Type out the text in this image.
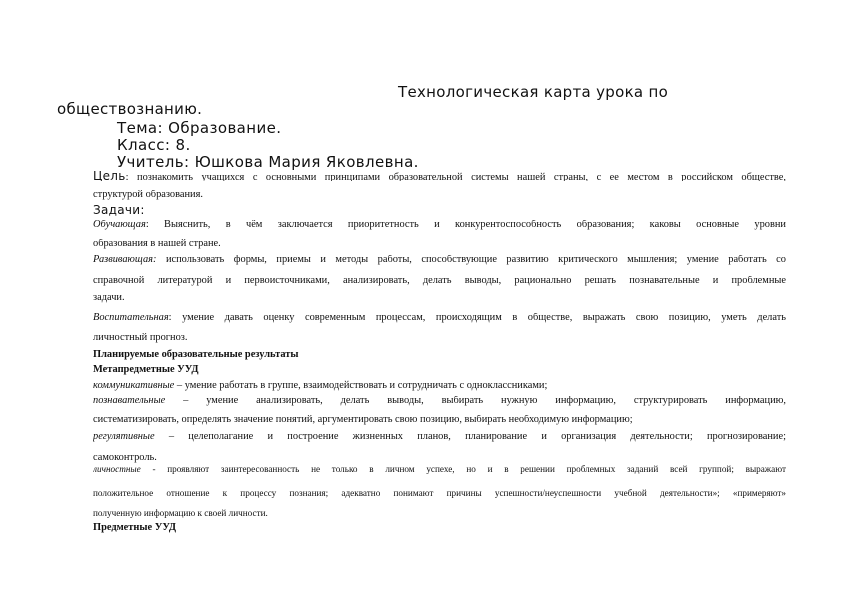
Технологическая карта урока по
обществознанию.
Тема: Образование.
Класс: 8.
Учитель: Юшкова Мария Яковлевна.
Цель: познакомить учащихся с основными принципами образовательной системы нашей страны, с ее местом в российском обществе,
структурой образования.
Задачи:
Обучающая: Выяснить, в чём заключается приоритетность и конкурентоспособность образования; каковы основные уровни
образования в нашей стране.
Развивающая: использовать формы, приемы и методы работы, способствующие развитию критического мышления; умение работать со
справочной литературой и первоисточниками, анализировать, делать выводы, рационально решать познавательные и проблемные
задачи.
Воспитательная: умение давать оценку современным процессам, происходящим в обществе, выражать свою позицию, уметь делать
личностный прогноз.
Планируемые образовательные результаты
Метапредметные УУД
коммуникативные – умение работать в группе, взаимодействовать и сотрудничать с одноклассниками;
познавательные – умение анализировать, делать выводы, выбирать нужную информацию, структурировать информацию,
систематизировать, определять значение понятий, аргументировать свою позицию, выбирать необходимую информацию;
регулятивные – целеполагание и построение жизненных планов, планирование и организация деятельности; прогнозирование;
самоконтроль.
личностные - проявляют заинтересованность не только в личном успехе, но и в решении проблемных заданий всей группой; выражают
положительное отношение к процессу познания; адекватно понимают причины успешности/неуспешности учебной деятельности»; «примеряют»
полученную информацию к своей личности.
Предметные УУД
